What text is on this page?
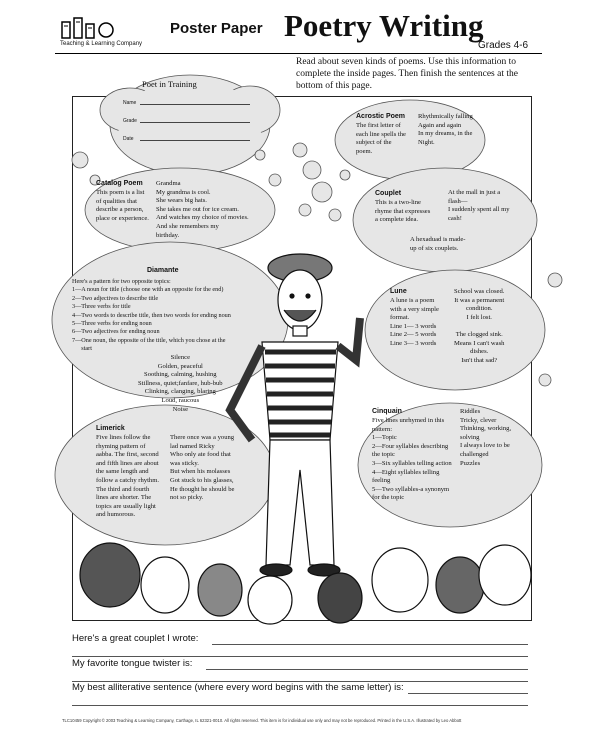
Teaching & Learning Company
Poster Paper Poetry Writing
Grades 4-6
Read about seven kinds of poems. Use this information to complete the inside pages. Then finish the sentences at the bottom of this page.
Poet in Training
Name
Grade
Date
Acrostic Poem
The first letter of
each line spells the
subject of the
poem.
Rhythmically falling
Again and again
In my dreams, in the
Night.
Catalog Poem
This poem is a list
of qualities that
describe a person,
place or experience.
Grandma
My grandma is cool.
She wears big hats.
She takes me out for ice cream.
And watches my choice of movies.
And she remembers my
birthday.
Couplet
This is a two-line
rhyme that expresses
a complete idea.
At the mall in just a
flash—
I suddenly spent all my
cash!
A hexaduad is made-
up of six couplets.
Diamante
Here's a pattern for two opposite topics:
1—A noun for title (choose one with an opposite for the end)
2—Two adjectives to describe title
3—Three verbs for title
4—Two words to describe title, then two words for ending noun
5—Three verbs for ending noun
6—Two adjectives for ending noun
7—One noun, the opposite of the title, which you chose at the
start
Silence
Golden, peaceful
Soothing, calming, hushing
Stillness, quiet;fanfare, hub-bub
Clinking, clanging, blaring
Loud, raucous
Noise
Lune
A lune is a poem
with a very simple
format.
Line 1— 3 words
Line 2— 5 words
Line 3— 3 words
School was closed.
It was a permanent
condition.
I felt lost.

The clogged sink.
Means I can't wash
dishes.
Isn't that sad?
Limerick
Five lines follow the
rhyming pattern of
aabba. The first, second
and fifth lines are about
the same length and
follow a catchy rhythm.
The third and fourth
lines are shorter. The
topics are usually light
and humorous.
There once was a young
lad named Ricky
Who only ate food that
was sticky.
But when his molasses
Got stuck to his glasses,
He thought he should be
not so picky.
Cinquain
Five lines unrhymed in this
pattern:
1—Topic
2—Four syllables describing
the topic
3—Six syllables telling action
4—Eight syllables telling
feeling
5—Two syllables-a synonym
for the topic
Riddles
Tricky, clever
Thinking, working,
solving
I always love to be
challenged
Puzzles
Here's a great couplet I wrote:
My favorite tongue twister is:
My best alliterative sentence (where every word begins with the same letter) is:
TLC10459 Copyright © 2003 Teaching & Learning Company, Carthage, IL 62321-0010. All rights reserved. This item is for individual use only and may not be reproduced. Printed in the U.S.A. Illustrated by Leo Abbott
